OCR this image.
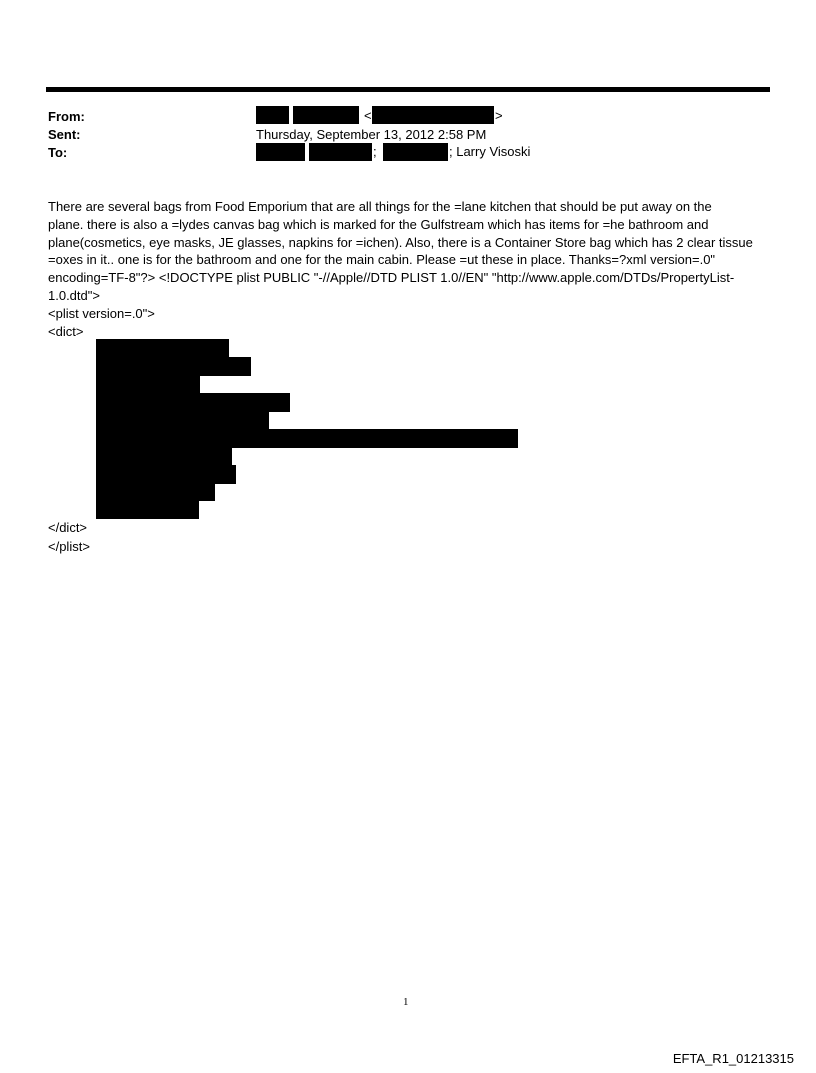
From:
Sent:
To:
<	>
Thursday, September 13, 2012 2:58 PM
;	; Larry Visoski
There are several bags from Food Emporium that are all things for the =lane kitchen that should be put away on the
plane. there is also a =lydes canvas bag which is marked for the Gulfstream which has items for =he bathroom and
plane(cosmetics, eye masks, JE glasses, napkins for =ichen). Also, there is a Container Store bag which has 2 clear tissue
=oxes in it.. one is for the bathroom and one for the main cabin. Please =ut these in place. Thanks=?xml version=.0"
encoding=TF-8"?> <!DOCTYPE plist PUBLIC "-//Apple//DTD PLIST 1.0//EN" "http://www.apple.com/DTDs/PropertyList-
1.0.dtd">
<plist version=.0">
<dict>
</dict>
</plist>
1
EFTA_R1_01213315
